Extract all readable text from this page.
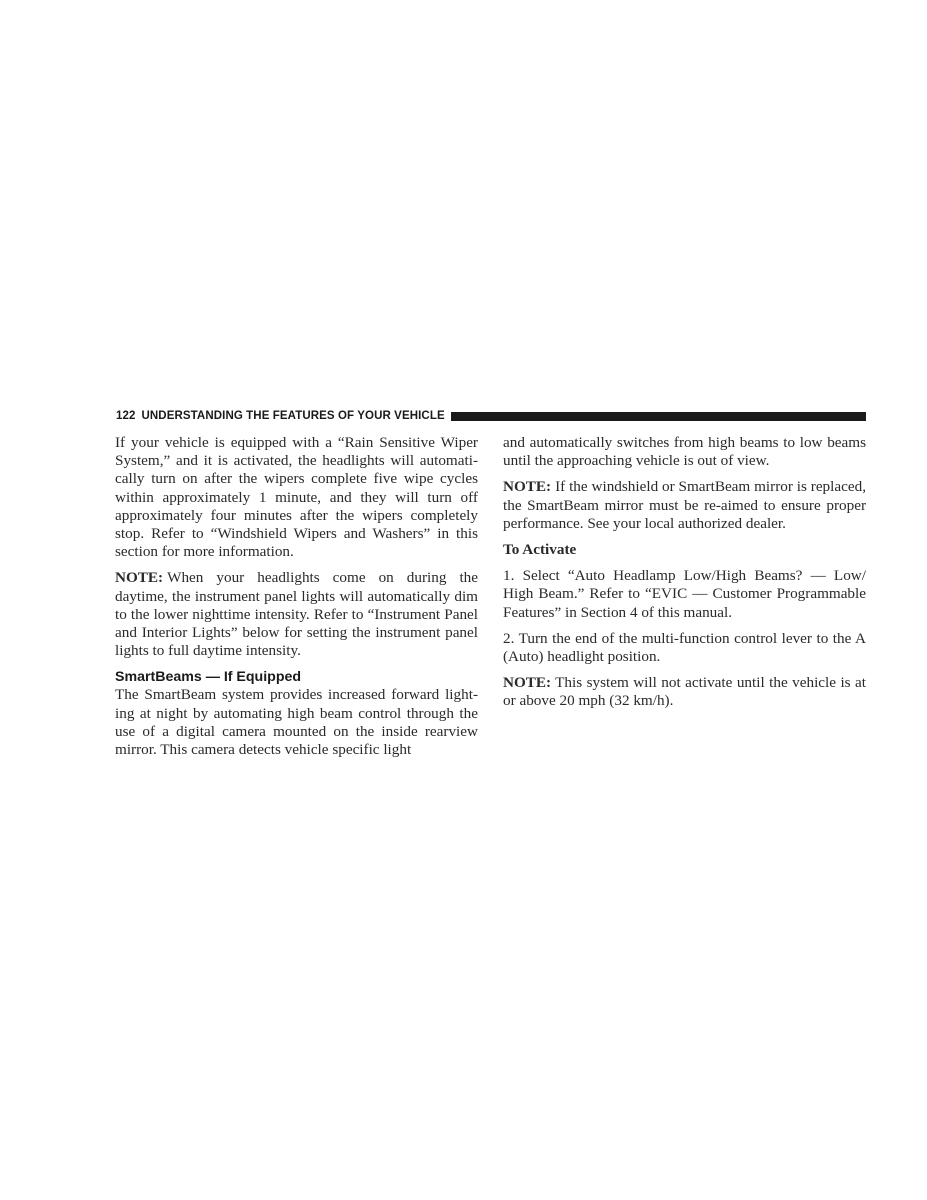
122 UNDERSTANDING THE FEATURES OF YOUR VEHICLE

If your vehicle is equipped with a “Rain Sensitive Wiper System,” and it is activated, the headlights will automatically turn on after the wipers complete five wipe cycles within approximately 1 minute, and they will turn off approximately four minutes after the wipers completely stop. Refer to “Windshield Wipers and Washers” in this section for more information.

NOTE: When your headlights come on during the daytime, the instrument panel lights will automatically dim to the lower nighttime intensity. Refer to “Instrument Panel and Interior Lights” below for setting the instrument panel lights to full daytime intensity.

SmartBeams — If Equipped

The SmartBeam system provides increased forward lighting at night by automating high beam control through the use of a digital camera mounted on the inside rearview mirror. This camera detects vehicle specific light

and automatically switches from high beams to low beams until the approaching vehicle is out of view.

NOTE: If the windshield or SmartBeam mirror is replaced, the SmartBeam mirror must be re-aimed to ensure proper performance. See your local authorized dealer.

To Activate

1. Select “Auto Headlamp Low/High Beams? — Low/ High Beam.” Refer to “EVIC — Customer Programmable Features” in Section 4 of this manual.

2. Turn the end of the multi-function control lever to the A (Auto) headlight position.

NOTE: This system will not activate until the vehicle is at or above 20 mph (32 km/h).
